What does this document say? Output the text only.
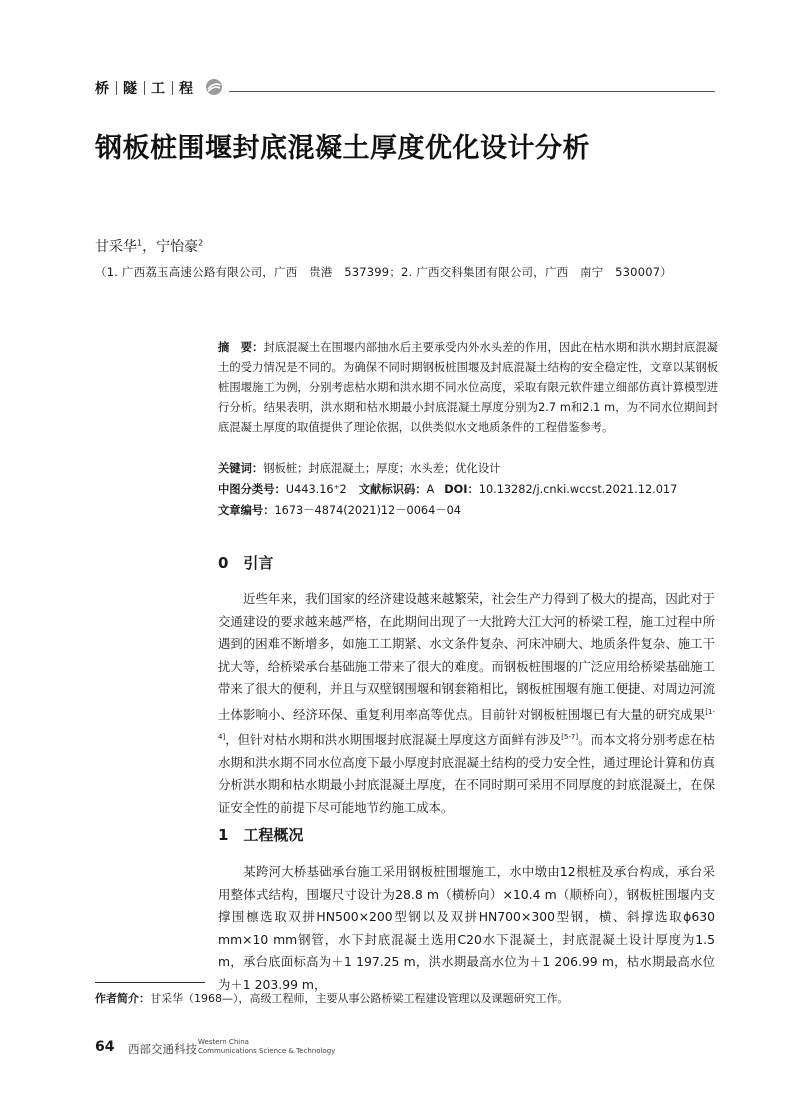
桥 隧 工 程
钢板桩围堰封底混凝土厚度优化设计分析
甘采华$^1$，宁怡豪$^2$
（1. 广西荔玉高速公路有限公司，广西　贵港　537399；2. 广西交科集团有限公司，广西　南宁　530007）
摘　要：封底混凝土在围堰内部抽水后主要承受内外水头差的作用，因此在枯水期和洪水期封底混凝土的受力情况是不同的。为确保不同时期钢板桩围堰及封底混凝土结构的安全稳定性，文章以某钢板桩围堰施工为例，分别考虑枯水期和洪水期不同水位高度，采取有限元软件建立细部仿真计算模型进行分析。结果表明，洪水期和枯水期最小封底混凝土厚度分别为2.7 m和2.1 m，为不同水位期间封底混凝土厚度的取值提供了理论依据，以供类似水文地质条件的工程借鉴参考。
关键词：钢板桩；封底混凝土；厚度；水头差；优化设计
中图分类号：U443.16⁺2 文献标识码：A DOI：10.13282/j.cnki.wccst.2021.12.017
文章编号：1673－4874(2021)12－0064－04
0　引言
近些年来，我们国家的经济建设越来越繁荣，社会生产力得到了极大的提高，因此对于交通建设的要求越来越严格，在此期间出现了一大批跨大江大河的桥梁工程，施工过程中所遇到的困难不断增多，如施工工期紧、水文条件复杂、河床冲刷大、地质条件复杂、施工干扰大等，给桥梁承台基础施工带来了很大的难度。而钢板桩围堰的广泛应用给桥梁基础施工带来了很大的便利，并且与双壁钢围堰和钢套箱相比，钢板桩围堰有施工便捷、对周边河流土体影响小、经济环保、重复利用率高等优点。目前针对钢板桩围堰已有大量的研究成果[1-4]，但针对枯水期和洪水期围堰封底混凝土厚度这方面鲜有涉及[5-7]。而本文将分别考虑在枯水期和洪水期不同水位高度下最小厚度封底混凝土结构的受力安全性，通过理论计算和仿真分析洪水期和枯水期最小封底混凝土厚度，在不同时期可采用不同厚度的封底混凝土，在保证安全性的前提下尽可能地节约施工成本。
1　工程概况
某跨河大桥基础承台施工采用钢板桩围堰施工，水中墩由12根桩及承台构成，承台采用整体式结构，围堰尺寸设计为28.8 m（横桥向）×10.4 m（顺桥向），钢板桩围堰内支撑围檩选取双拼HN500×200型钢以及双拼HN700×300型钢，横、斜撑选取ϕ630 mm×10 mm钢管，水下封底混凝土选用C20水下混凝土，封底混凝土设计厚度为1.5 m，承台底面标高为＋1 197.25 m，洪水期最高水位为＋1 206.99 m，枯水期最高水位为＋1 203.99 m，
作者简介：甘采华（1968—），高级工程师，主要从事公路桥梁工程建设管理以及课题研究工作。
64 西部交通科技 Western China
Communications Science & Technology
